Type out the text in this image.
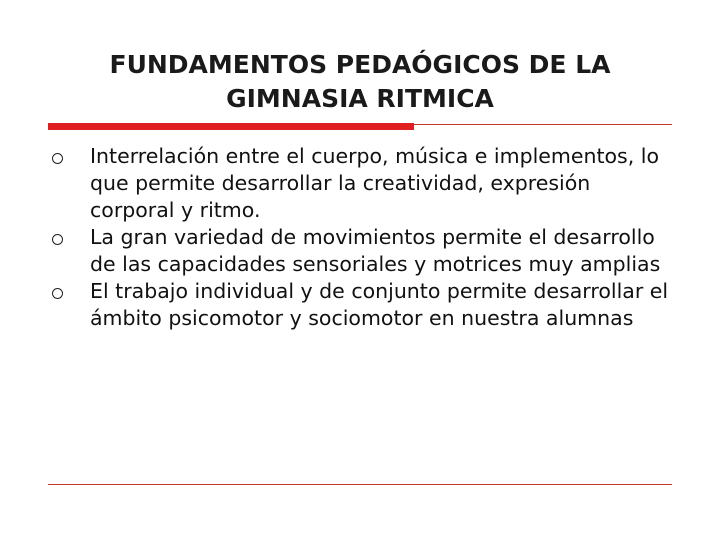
FUNDAMENTOS PEDAÓGICOS DE LA
GIMNASIA RITMICA
Interrelación entre el cuerpo, música e implementos, lo que permite desarrollar la creatividad, expresión corporal y ritmo.
La gran variedad de movimientos permite el desarrollo de las capacidades sensoriales y motrices muy amplias
El trabajo individual y de conjunto permite desarrollar el ámbito psicomotor y sociomotor en nuestra alumnas
